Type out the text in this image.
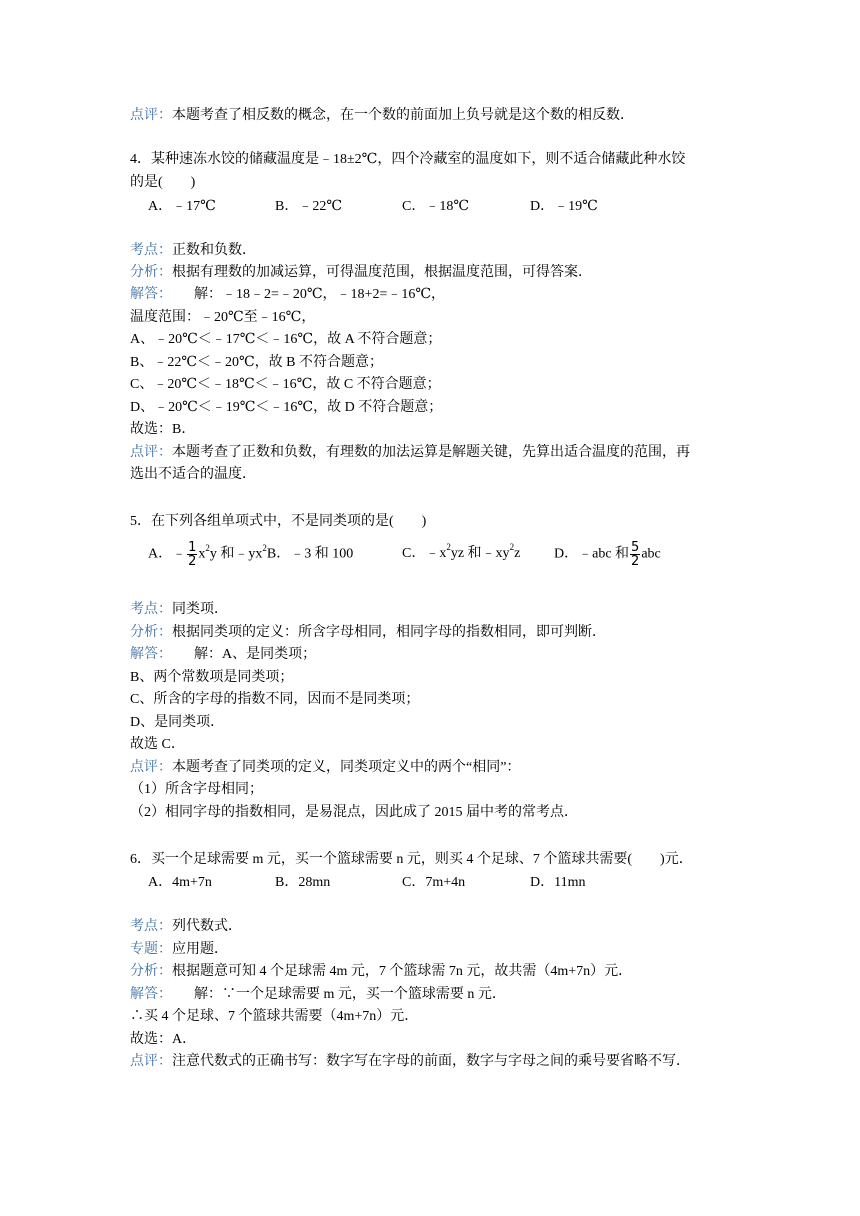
点评：本题考查了相反数的概念，在一个数的前面加上负号就是这个数的相反数．
4．某种速冻水饺的储藏温度是﹣18±2℃，四个冷藏室的温度如下，则不适合储藏此种水饺
的是(　　)
A．﹣17℃	B．﹣22℃	C．﹣18℃	D．﹣19℃
考点：正数和负数．
分析：根据有理数的加减运算，可得温度范围，根据温度范围，可得答案．
解答： 解：﹣18﹣2=﹣20℃，﹣18+2=﹣16℃，
温度范围：﹣20℃至﹣16℃，
A、﹣20℃＜﹣17℃＜﹣16℃，故 A 不符合题意；
B、﹣22℃＜﹣20℃，故 B 不符合题意；
C、﹣20℃＜﹣18℃＜﹣16℃，故 C 不符合题意；
D、﹣20℃＜﹣19℃＜﹣16℃，故 D 不符合题意；
故选：B．
点评：本题考查了正数和负数，有理数的加法运算是解题关键，先算出适合温度的范围，再
选出不适合的温度．
5．在下列各组单项式中，不是同类项的是(　　)
A．﹣ $\frac{1}{2} x^2y$ 和$﹣yx^2B$．﹣3 和 100	C．$﹣x^2yz$ 和$﹣xy^2z$ D．﹣abc 和 $\frac{5}{2}$ abc
考点：同类项．
分析：根据同类项的定义：所含字母相同，相同字母的指数相同，即可判断．
解答： 解：A、是同类项；
B、两个常数项是同类项；
C、所含的字母的指数不同，因而不是同类项；
D、是同类项．
故选 C．
点评：本题考查了同类项的定义，同类项定义中的两个“相同”：
（1）所含字母相同；
（2）相同字母的指数相同，是易混点，因此成了 2015 届中考的常考点．
6．买一个足球需要 m 元，买一个篮球需要 n 元，则买 4 个足球、7 个篮球共需要(　　)元．
A．4m+7n	B．28mn	C．7m+4n	D．11mn
考点：列代数式．
专题：应用题．
分析：根据题意可知 4 个足球需 4m 元，7 个篮球需 7n 元，故共需（4m+7n）元．
解答： 解：∵一个足球需要 m 元，买一个篮球需要 n 元．
∴买 4 个足球、7 个篮球共需要（4m+7n）元．
故选：A．
点评：注意代数式的正确书写：数字写在字母的前面，数字与字母之间的乘号要省略不写．
